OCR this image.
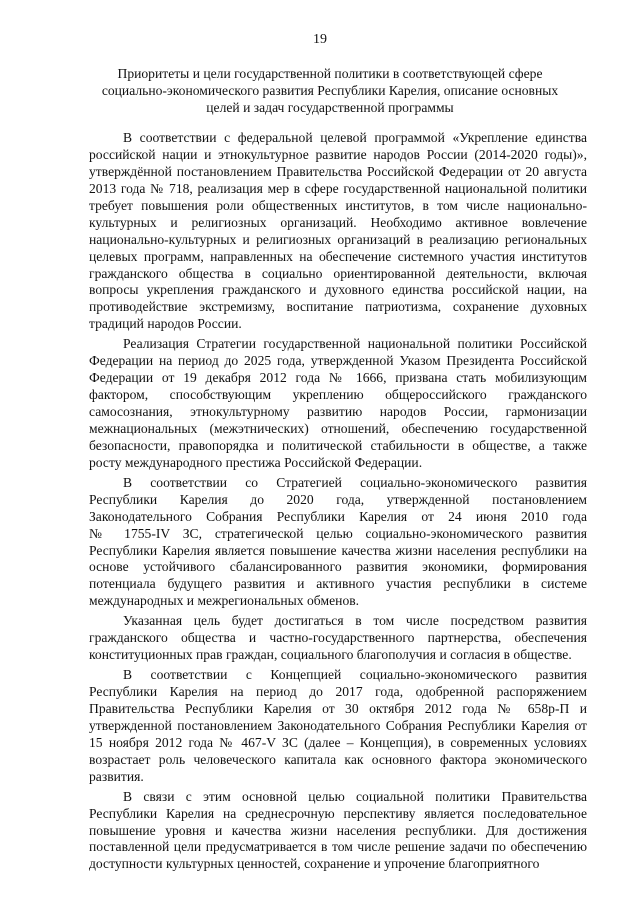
19
Приоритеты и цели государственной политики в соответствующей сфере
социально-экономического развития Республики Карелия, описание основных
целей и задач государственной программы
В соответствии с федеральной целевой программой «Укрепление единства
российской нации и этнокультурное развитие народов России (2014-2020 годы)»,
утверждённой постановлением Правительства Российской Федерации от 20 августа
2013 года № 718, реализация мер в сфере государственной национальной политики
требует повышения роли общественных институтов, в том числе национально-
культурных и религиозных организаций. Необходимо активное вовлечение
национально-культурных и религиозных организаций в реализацию региональных
целевых программ, направленных на обеспечение системного участия институтов
гражданского общества в социально ориентированной деятельности, включая
вопросы укрепления гражданского и духовного единства российской нации, на
противодействие экстремизму, воспитание патриотизма, сохранение духовных
традиций народов России.
Реализация Стратегии государственной национальной политики Российской
Федерации на период до 2025 года, утвержденной Указом Президента Российской
Федерации от 19 декабря 2012 года № 1666, призвана стать мобилизующим
фактором, способствующим укреплению общероссийского гражданского
самосознания, этнокультурному развитию народов России, гармонизации
межнациональных (межэтнических) отношений, обеспечению государственной
безопасности, правопорядка и политической стабильности в обществе, а также
росту международного престижа Российской Федерации.
В соответствии со Стратегией социально-экономического развития
Республики Карелия до 2020 года, утвержденной постановлением
Законодательного Собрания Республики Карелия от 24 июня 2010 года
№ 1755-IV ЗС, стратегической целью социально-экономического развития
Республики Карелия является повышение качества жизни населения республики на
основе устойчивого сбалансированного развития экономики, формирования
потенциала будущего развития и активного участия республики в системе
международных и межрегиональных обменов.
Указанная цель будет достигаться в том числе посредством развития
гражданского общества и частно-государственного партнерства, обеспечения
конституционных прав граждан, социального благополучия и согласия в обществе.
В соответствии с Концепцией социально-экономического развития
Республики Карелия на период до 2017 года, одобренной распоряжением
Правительства Республики Карелия от 30 октября 2012 года № 658р-П и
утвержденной постановлением Законодательного Собрания Республики Карелия от
15 ноября 2012 года № 467-V ЗС (далее – Концепция), в современных условиях
возрастает роль человеческого капитала как основного фактора экономического
развития.
В связи с этим основной целью социальной политики Правительства
Республики Карелия на среднесрочную перспективу является последовательное
повышение уровня и качества жизни населения республики. Для достижения
поставленной цели предусматривается в том числе решение задачи по обеспечению
доступности культурных ценностей, сохранение и упрочение благоприятного
